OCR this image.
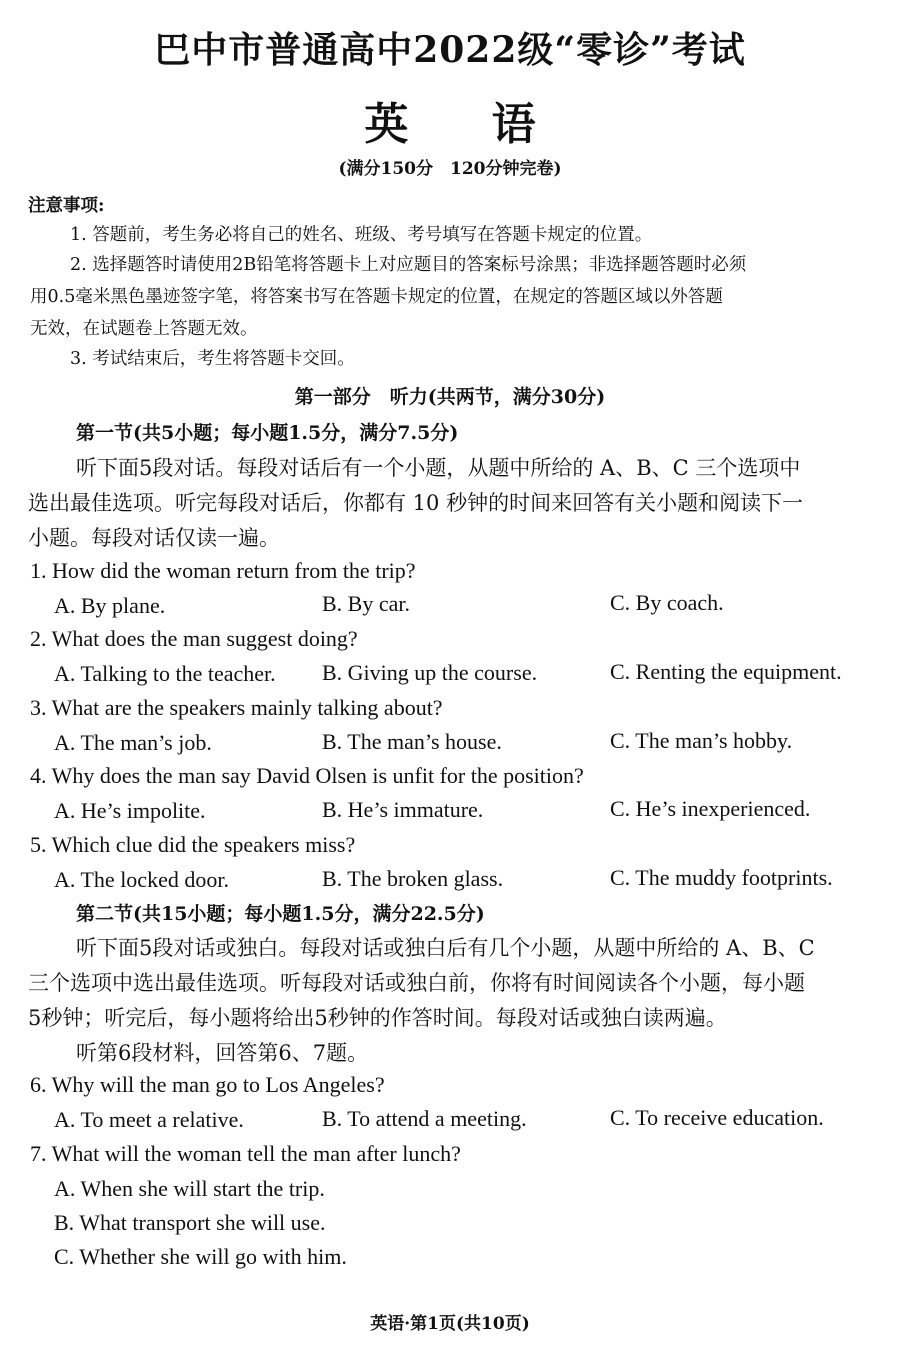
巴中市普通高中2022级“零诊”考试
英 语
(满分150分　120分钟完卷)
注意事项:
1. 答题前，考生务必将自己的姓名、班级、考号填写在答题卡规定的位置。
2. 选择题答时请使用2B铅笔将答题卡上对应题目的答案标号涂黑；非选择题答题时必须
用0.5毫米黑色墨迹签字笔，将答案书写在答题卡规定的位置，在规定的答题区域以外答题
无效，在试题卷上答题无效。
3. 考试结束后，考生将答题卡交回。
第一部分　听力(共两节，满分30分)
第一节(共5小题；每小题1.5分，满分7.5分)
听下面5段对话。每段对话后有一个小题，从题中所给的 A、B、C 三个选项中
选出最佳选项。听完每段对话后，你都有 10 秒钟的时间来回答有关小题和阅读下一
小题。每段对话仅读一遍。
1. How did the woman return from the trip?
A. By plane.	B. By car.	C. By coach.
2. What does the man suggest doing?
A. Talking to the teacher. B. Giving up the course.	C. Renting the equipment.
3. What are the speakers mainly talking about?
A. The man’s job.	B. The man’s house.	C. The man’s hobby.
4. Why does the man say David Olsen is unfit for the position?
A. He’s impolite.	B. He’s immature.	C. He’s inexperienced.
5. Which clue did the speakers miss?
A. The locked door.	B. The broken glass.	C. The muddy footprints.
第二节(共15小题；每小题1.5分，满分22.5分)
听下面5段对话或独白。每段对话或独白后有几个小题，从题中所给的 A、B、C
三个选项中选出最佳选项。听每段对话或独白前，你将有时间阅读各个小题，每小题
5秒钟；听完后，每小题将给出5秒钟的作答时间。每段对话或独白读两遍。
听第6段材料，回答第6、7题。
6. Why will the man go to Los Angeles?
A. To meet a relative.	B. To attend a meeting.	C. To receive education.
7. What will the woman tell the man after lunch?
A. When she will start the trip.
B. What transport she will use.
C. Whether she will go with him.
英语·第1页(共10页)
